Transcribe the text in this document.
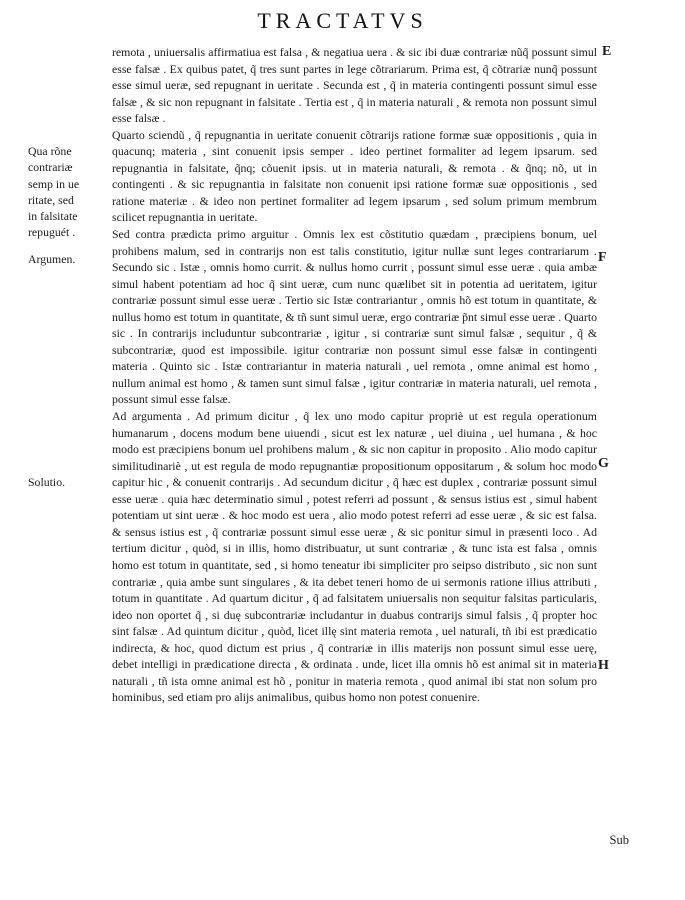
TRACTATVS

remota , uniuersalis affirmatiua est falsa , & negatiua uera . & sic ibi duæ contrariæ nũq̃ possunt simul esse falsæ . Ex quibus patet, q̃ tres sunt partes in lege cõtrariarum. Prima est, q̃ cõtrariæ nunq̃ possunt esse simul ueræ, sed repugnant in ueritate . Secunda est , q̃ in materia contingenti possunt simul esse falsæ , & sic non repugnant in falsitate . Tertia est , q̃ in materia naturali , & remota non possunt simul esse falsæ .

Quarto sciendũ , q̃ repugnantia in ueritate conuenit cõtrarijs ratione formæ suæ oppositionis , quia in quacunq; materia , sint conuenit ipsis semper . ideo pertinet formaliter ad legem ipsarum. sed repugnantia in falsitate, q̃nq; cõuenit ipsis. ut in materia naturali, & remota . & q̃nq; nõ, ut in contingenti . & sic repugnantia in falsitate non conuenit ipsi ratione formæ suæ oppositionis , sed ratione materiæ . & ideo non pertinet formaliter ad legem ipsarum , sed solum primum membrum scilicet repugnantia in ueritate.

Sed contra prædicta primo arguitur . Omnis lex est cõstitutio quædam , præcipiens bonum, uel prohibens malum, sed in contrarijs non est talis constitutio, igitur nullæ sunt leges contrariarum . Secundo sic . Istæ , omnis homo currit. & nullus homo currit , possunt simul esse ueræ . quia ambæ simul habent potentiam ad hoc q̃ sint ueræ, cum nunc quælibet sit in potentia ad ueritatem, igitur contrariæ possunt simul esse ueræ . Tertio sic Istæ contrariantur , omnis hõ est totum in quantitate, & nullus homo est totum in quantitate, & tñ sunt simul ueræ, ergo contrariæ p̃nt simul esse ueræ . Quarto sic . In contrarijs includuntur subcontrariæ , igitur , si contrariæ sunt simul falsæ , sequitur , q̃ & subcontrariæ, quod est impossibile. igitur contrariæ non possunt simul esse falsæ in contingenti materia . Quinto sic . Istæ contrariantur in materia naturali , uel remota , omne animal est homo , nullum animal est homo , & tamen sunt simul falsæ , igitur contrariæ in materia naturali, uel remota , possunt simul esse falsæ.

Ad argumenta . Ad primum dicitur , q̃ lex uno modo capitur propriè ut est regula operationum humanarum , docens modum bene uiuendi , sicut est lex naturæ , uel diuina , uel humana , & hoc modo est præcipiens bonum uel prohibens malum , & sic non capitur in proposito . Alio modo capitur similitudinariè , ut est regula de modo repugnantiæ propositionum oppositarum , & solum hoc modo capitur hic , & conuenit contrarijs . Ad secundum dicitur , q̃ hæc est duplex , contrariæ possunt simul esse ueræ . quia hæc determinatio simul , potest referri ad possunt , & sensus istius est , simul habent potentiam ut sint ueræ . & hoc modo est uera , alio modo potest referri ad esse ueræ , & sic est falsa. & sensus istius est , q̃ contrariæ possunt simul esse ueræ , & sic ponitur simul in præsenti loco . Ad tertium dicitur , quòd, si in illis, homo distribuatur, ut sunt contrariæ , & tunc ista est falsa , omnis homo est totum in quantitate, sed , si homo teneatur ibi simpliciter pro seipso distributo , sic non sunt contrariæ , quia ambe sunt singulares , & ita debet teneri homo de ui sermonis ratione illius attributi , totum in quantitate . Ad quartum dicitur , q̃ ad falsitatem uniuersalis non sequitur falsitas particularis, ideo non oportet q̃ , si duę subcontrariæ includantur in duabus contrarijs simul falsis , q̃ propter hoc sint falsæ . Ad quintum dicitur , quòd, licet illę sint materia remota , uel naturali, tñ ibi est prædicatio indirecta, & hoc, quod dictum est prius , q̃ contrariæ in illis materijs non possunt simul esse uerę, debet intelligi in prædicatione directa , & ordinata . unde, licet illa omnis hõ est animal sit in materia naturali , tñ ista omne animal est hõ , ponitur in materia remota , quod animal ibi stat non solum pro hominibus, sed etiam pro alijs animalibus, quibus homo non potest conuenire.

Qua rõne
contrariæ
semp in ue
ritate, sed
in falsitate
repuguét .
Argumen.
Solutio.
E
F
G
H
Sub
